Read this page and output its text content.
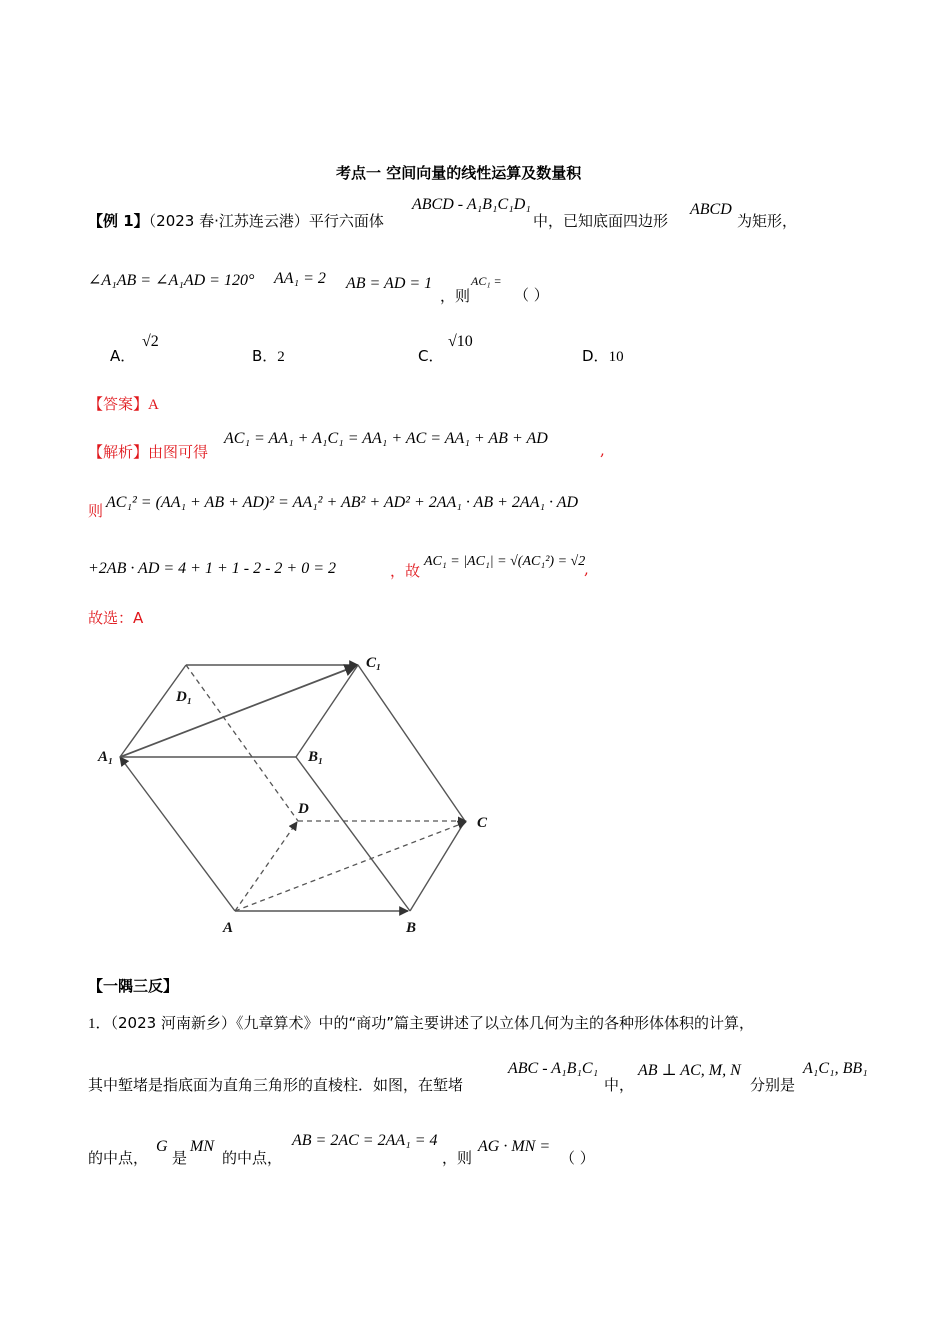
考点一 空间向量的线性运算及数量积
【例 1】（2023 春·江苏连云港）平行六面体
ABCD - A₁B₁C₁D₁
中，已知底面四边形
ABCD
为矩形，
∠A₁AB = ∠A₁AD = 120° AA₁ = 2 AB = AD = 1
，则
AC₁ =
（ ）
A．
√2
B．2	C．
√10
D．10
【答案】A
【解析】由图可得
AC₁ = AA₁ + A₁C₁ = AA₁ + AC = AA₁ + AB + AD
,
则 AC₁² = (AA₁ + AB + AD)² = AA₁² + AB² + AD² + 2AA₁ · AB + 2AA₁ · AD
+2AB · AD = 4 + 1 + 1 - 2 - 2 + 0 = 2	，故
AC₁ = |AC₁| = √(AC₁²) = √2
,
故选：A
A	B
C
D
A₁	B₁
C₁
D₁
【一隅三反】
1．（2023 河南新乡）《九章算术》中的“商功”篇主要讲述了以立体几何为主的各种形体体积的计算，
其中堑堵是指底面为直角三角形的直棱柱．如图，在堑堵
ABC - A₁B₁C₁
中，
AB ⊥ AC, M, N
分别是
A₁C₁, BB₁
的中点，
G
是
MN
的中点，
AB = 2AC = 2AA₁ = 4
，则
AG · MN =
（ ）
